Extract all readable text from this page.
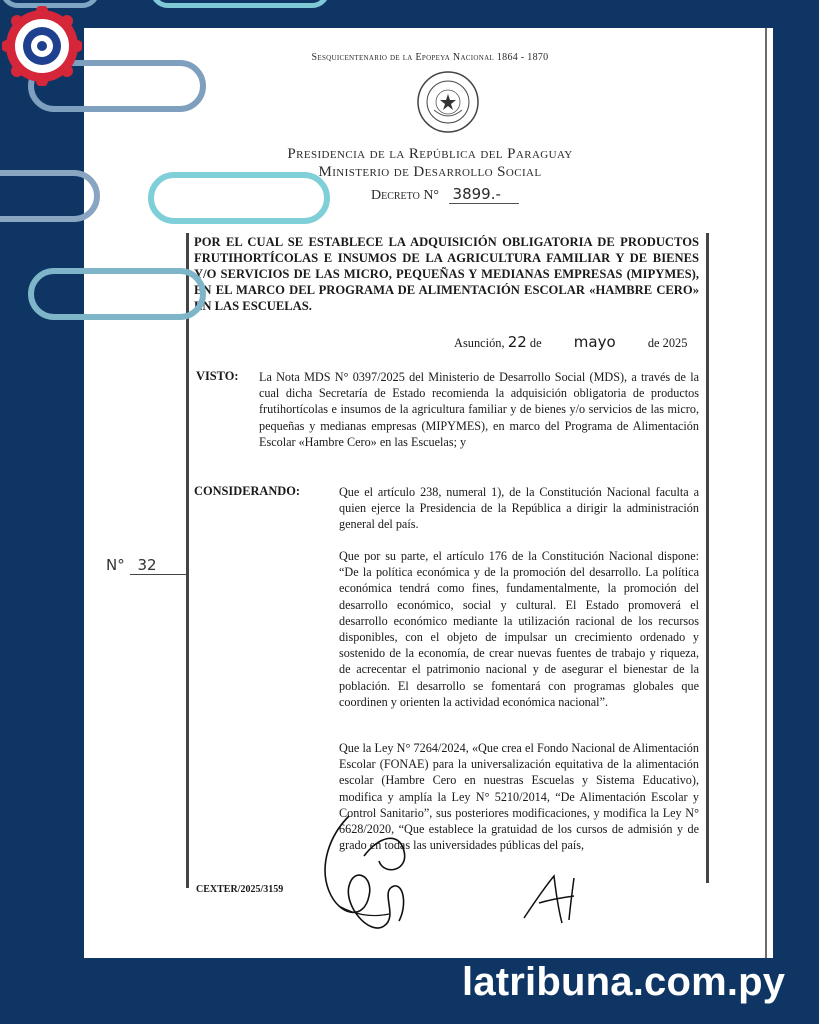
Sesquicentenario de la Epopeya Nacional 1864 - 1870
Presidencia de la República del Paraguay
Ministerio de Desarrollo Social
Decreto N° 3899.-
POR EL CUAL SE ESTABLECE LA ADQUISICIÓN OBLIGATORIA DE PRODUCTOS FRUTIHORTÍCOLAS E INSUMOS DE LA AGRICULTURA FAMILIAR Y DE BIENES Y/O SERVICIOS DE LAS MICRO, PEQUEÑAS Y MEDIANAS EMPRESAS (MIPYMES), EN EL MARCO DEL PROGRAMA DE ALIMENTACIÓN ESCOLAR «HAMBRE CERO» EN LAS ESCUELAS.
Asunción, 22 de mayo	de 2025
VISTO: La Nota MDS N° 0397/2025 del Ministerio de Desarrollo Social (MDS), a través de la cual dicha Secretaría de Estado recomienda la adquisición obligatoria de productos frutihortícolas e insumos de la agricultura familiar y de bienes y/o servicios de las micro, pequeñas y medianas empresas (MIPYMES), en marco del Programa de Alimentación Escolar «Hambre Cero» en las Escuelas; y
CONSIDERANDO:	Que el artículo 238, numeral 1), de la Constitución Nacional faculta a quien ejerce la Presidencia de la República a dirigir la administración general del país.
Que por su parte, el artículo 176 de la Constitución Nacional dispone: “De la política económica y de la promoción del desarrollo. La política económica tendrá como fines, fundamentalmente, la promoción del desarrollo económico, social y cultural. El Estado promoverá el desarrollo económico mediante la utilización racional de los recursos disponibles, con el objeto de impulsar un crecimiento ordenado y sostenido de la economía, de crear nuevas fuentes de trabajo y riqueza, de acrecentar el patrimonio nacional y de asegurar el bienestar de la población. El desarrollo se fomentará con programas globales que coordinen y orienten la actividad económica nacional”.
Que la Ley N° 7264/2024, «Que crea el Fondo Nacional de Alimentación Escolar (FONAE) para la universalización equitativa de la alimentación escolar (Hambre Cero en nuestras Escuelas y Sistema Educativo), modifica y amplía la Ley N° 5210/2014, “De Alimentación Escolar y Control Sanitario”, sus posteriores modificaciones, y modifica la Ley N° 6628/2020, “Que establece la gratuidad de los cursos de admisión y de grado en todas las universidades públicas del país,
N° 32
CEXTER/2025/3159
latribuna.com.py
